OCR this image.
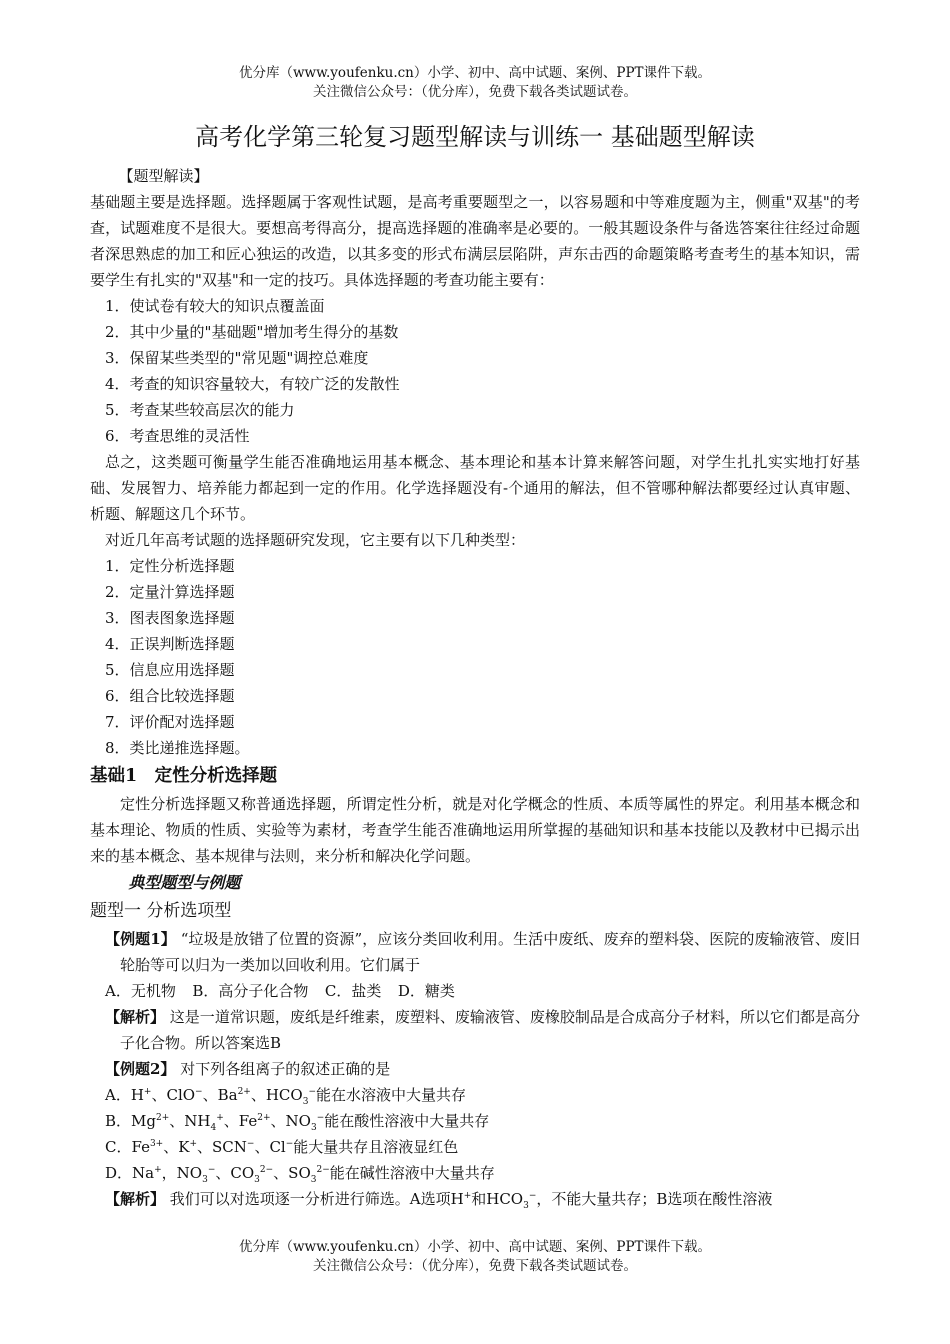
优分库（www.youfenku.cn）小学、初中、高中试题、案例、PPT课件下载。
关注微信公众号：（优分库），免费下载各类试题试卷。
高考化学第三轮复习题型解读与训练一 基础题型解读

【题型解读】

基础题主要是选择题。选择题属于客观性试题，是高考重要题型之一，以容易题和中等难度题为主，侧重"双基"的考查，试题难度不是很大。要想高考得高分，提高选择题的准确率是必要的。一般其题设条件与备选答案往往经过命题者深思熟虑的加工和匠心独运的改造，以其多变的形式布满层层陷阱，声东击西的命题策略考查考生的基本知识，需要学生有扎实的"双基"和一定的技巧。具体选择题的考查功能主要有：

1．使试卷有较大的知识点覆盖面

2．其中少量的"基础题"增加考生得分的基数

3．保留某些类型的"常见题"调控总难度

4．考查的知识容量较大，有较广泛的发散性

5．考查某些较高层次的能力

6．考查思维的灵活性

总之，这类题可衡量学生能否准确地运用基本概念、基本理论和基本计算来解答问题，对学生扎扎实实地打好基础、发展智力、培养能力都起到一定的作用。化学选择题没有-个通用的解法，但不管哪种解法都要经过认真审题、析题、解题这几个环节。

对近几年高考试题的选择题研究发现，它主要有以下几种类型：

1．定性分析选择题

2．定量汁算选择题

3．图表图象选择题

4．正误判断选择题

5．信息应用选择题

6．组合比较选择题

7．评价配对选择题

8．类比递推选择题。

基础1　定性分析选择题

定性分析选择题又称普通选择题，所谓定性分析，就是对化学概念的性质、本质等属性的界定。利用基本概念和基本理论、物质的性质、实验等为素材，考查学生能否准确地运用所掌握的基础知识和基本技能以及教材中已揭示出来的基本概念、基本规律与法则，来分析和解决化学问题。

典型题型与例题

题型一 分析选项型

【例题1】 “垃圾是放错了位置的资源”，应该分类回收利用。生活中废纸、废弃的塑料袋、医院的废输液管、废旧轮胎等可以归为一类加以回收利用。它们属于

A．无机物 B．高分子化合物 C．盐类 D．糖类

【解析】 这是一道常识题，废纸是纤维素，废塑料、废输液管、废橡胶制品是合成高分子材料，所以它们都是高分子化合物。所以答案选B

【例题2】 对下列各组离子的叙述正确的是

A．H+、ClO−、$Ba^{2+}$、$HCO_3^-$能在水溶液中大量共存

B．$Mg^{2+}$、$NH_4^+$、$Fe^{2+}$、$NO_3^-$能在酸性溶液中大量共存

C．$Fe^{3+}$、K+、SCN−、Cl−能大量共存且溶液显红色

D．Na+，$NO_3^-$、$CO_3^{2-}$、$SO_3^{2-}$能在碱性溶液中大量共存

【解析】 我们可以对选项逐一分析进行筛选。A选项H+和$HCO_3^-$，不能大量共存；B选项在酸性溶液

优分库（www.youfenku.cn）小学、初中、高中试题、案例、PPT课件下载。
关注微信公众号：（优分库），免费下载各类试题试卷。
